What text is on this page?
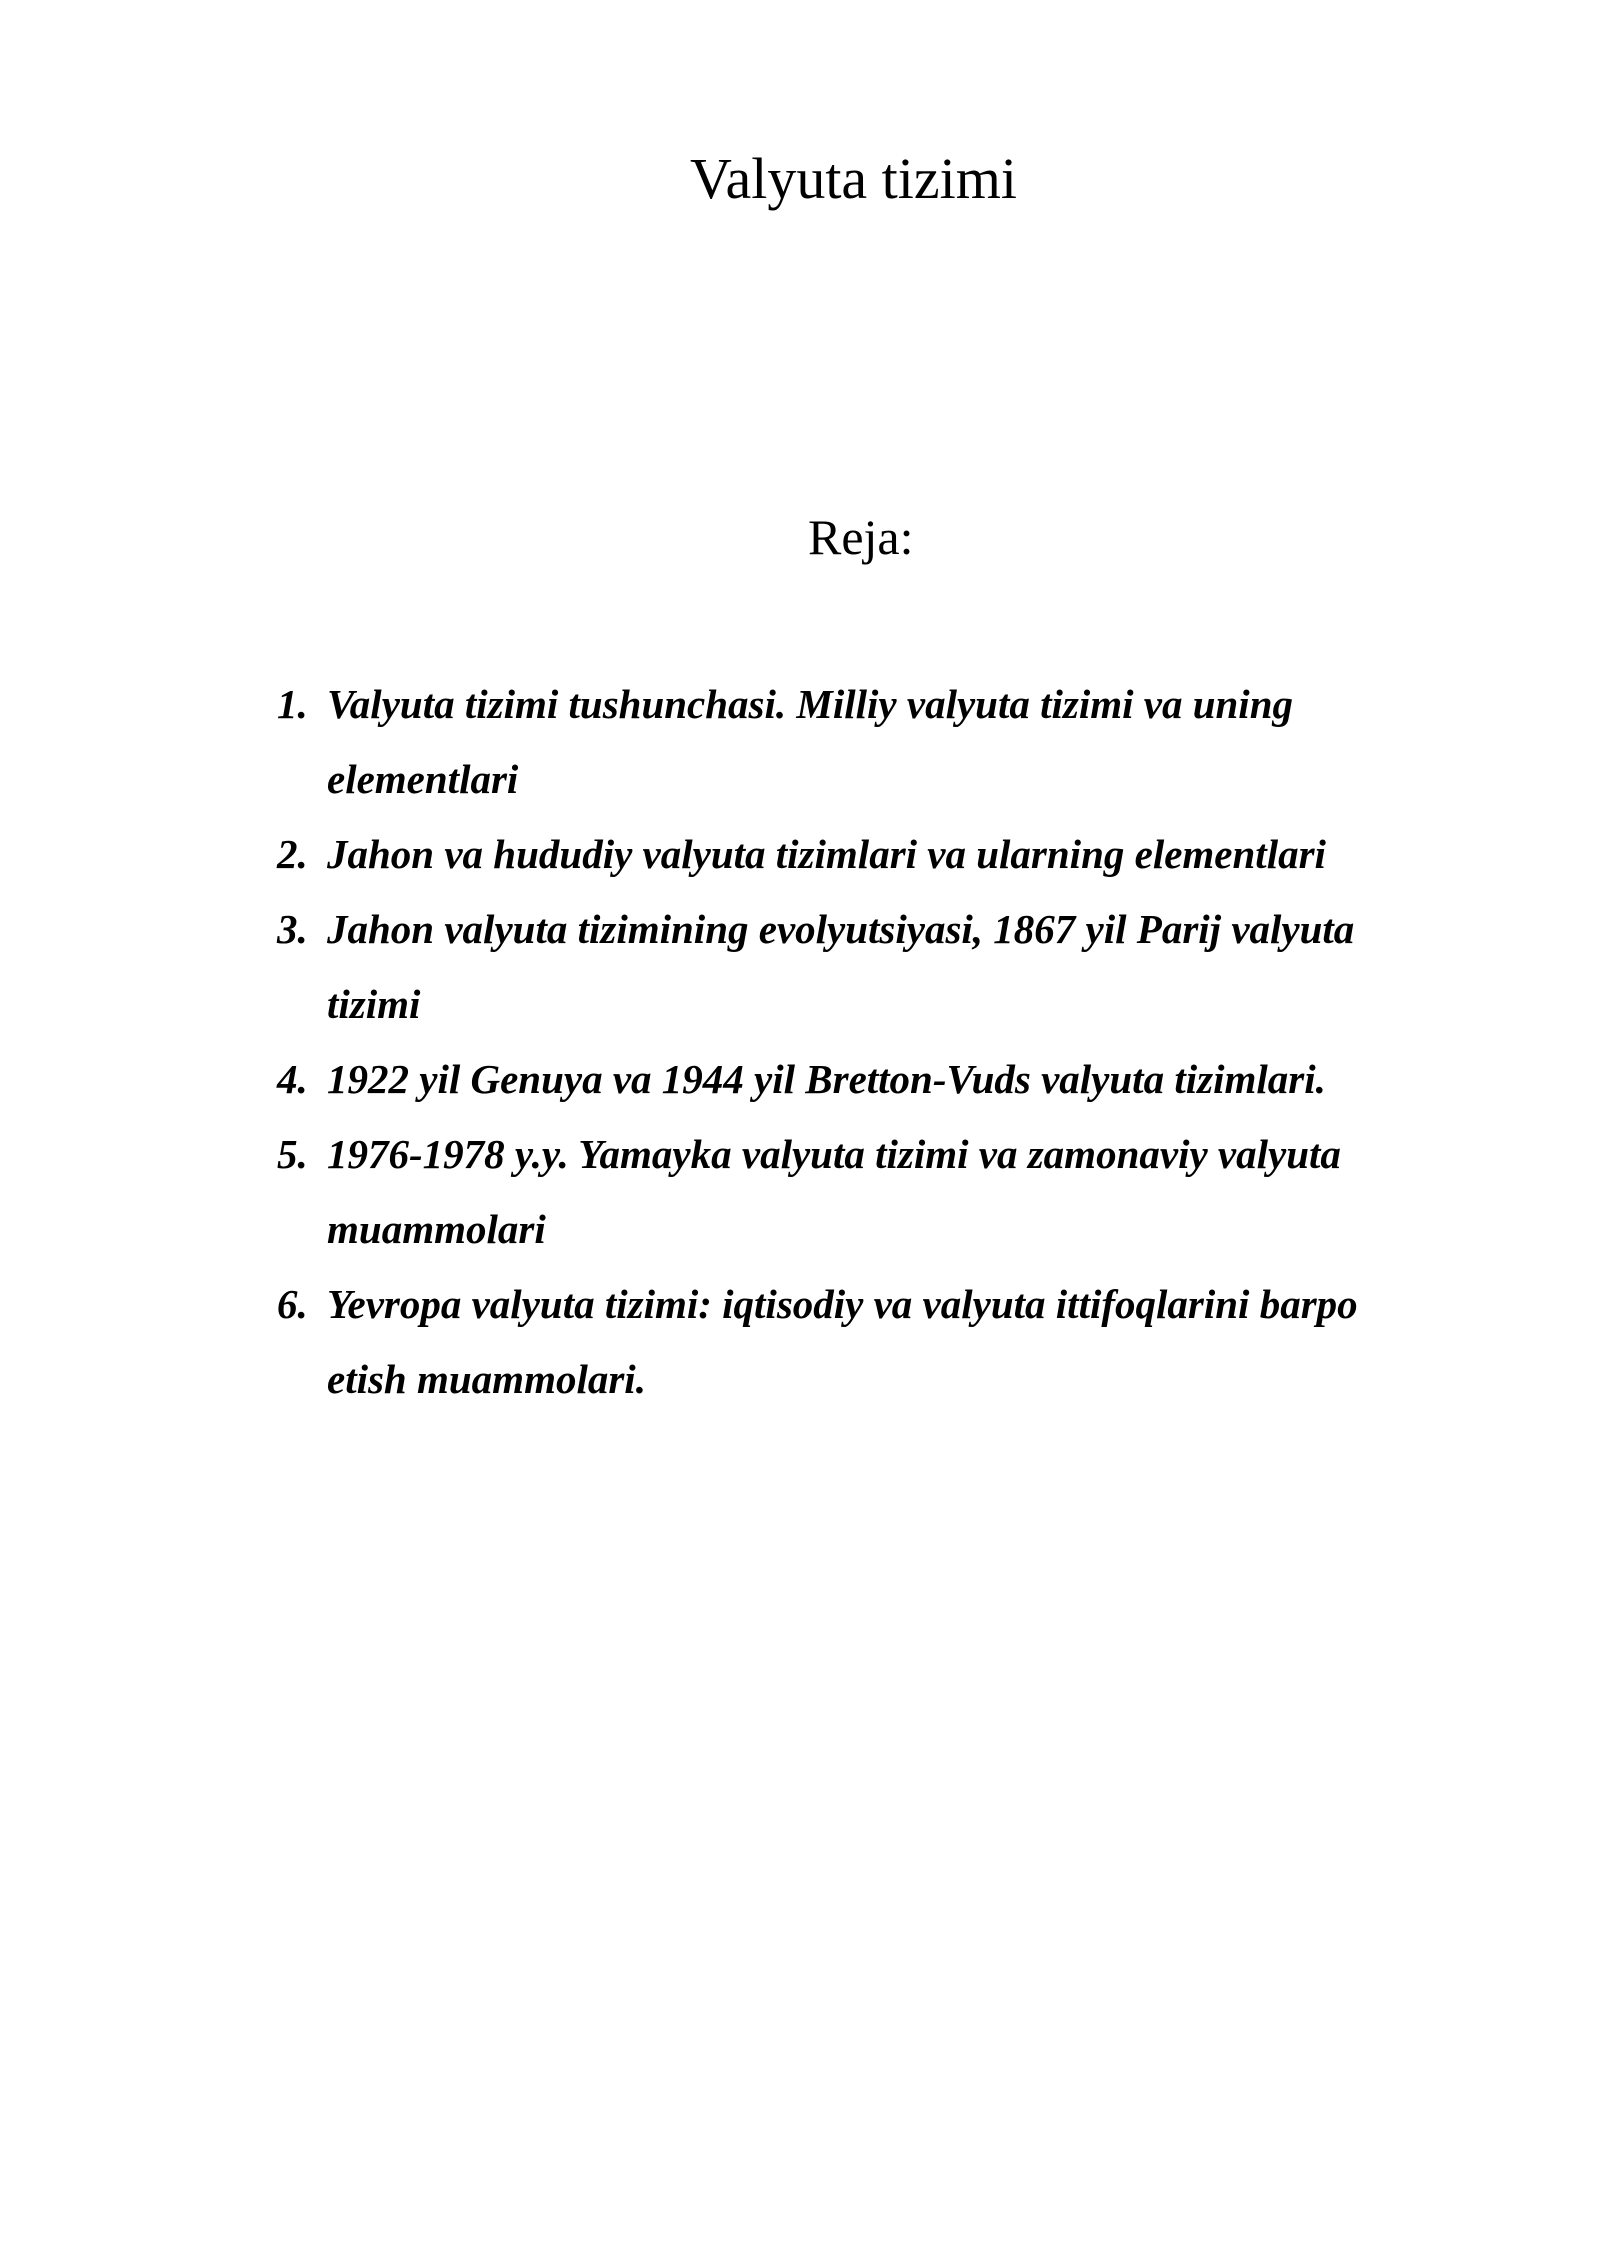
Valyuta tizimi
Reja:
1. Valyuta tizimi tushunchasi. Milliy valyuta tizimi va uning elementlari
2. Jahon va hududiy valyuta tizimlari va ularning elementlari
3. Jahon valyuta tizimining evolyutsiyasi, 1867 yil Parij valyuta tizimi
4. 1922 yil Genuya va 1944 yil Bretton-Vuds valyuta tizimlari.
5. 1976-1978 y.y. Yamayka valyuta tizimi va zamonaviy valyuta muammolari
6. Yevropa valyuta tizimi: iqtisodiy va valyuta ittifoqlarini barpo etish muammolari.
